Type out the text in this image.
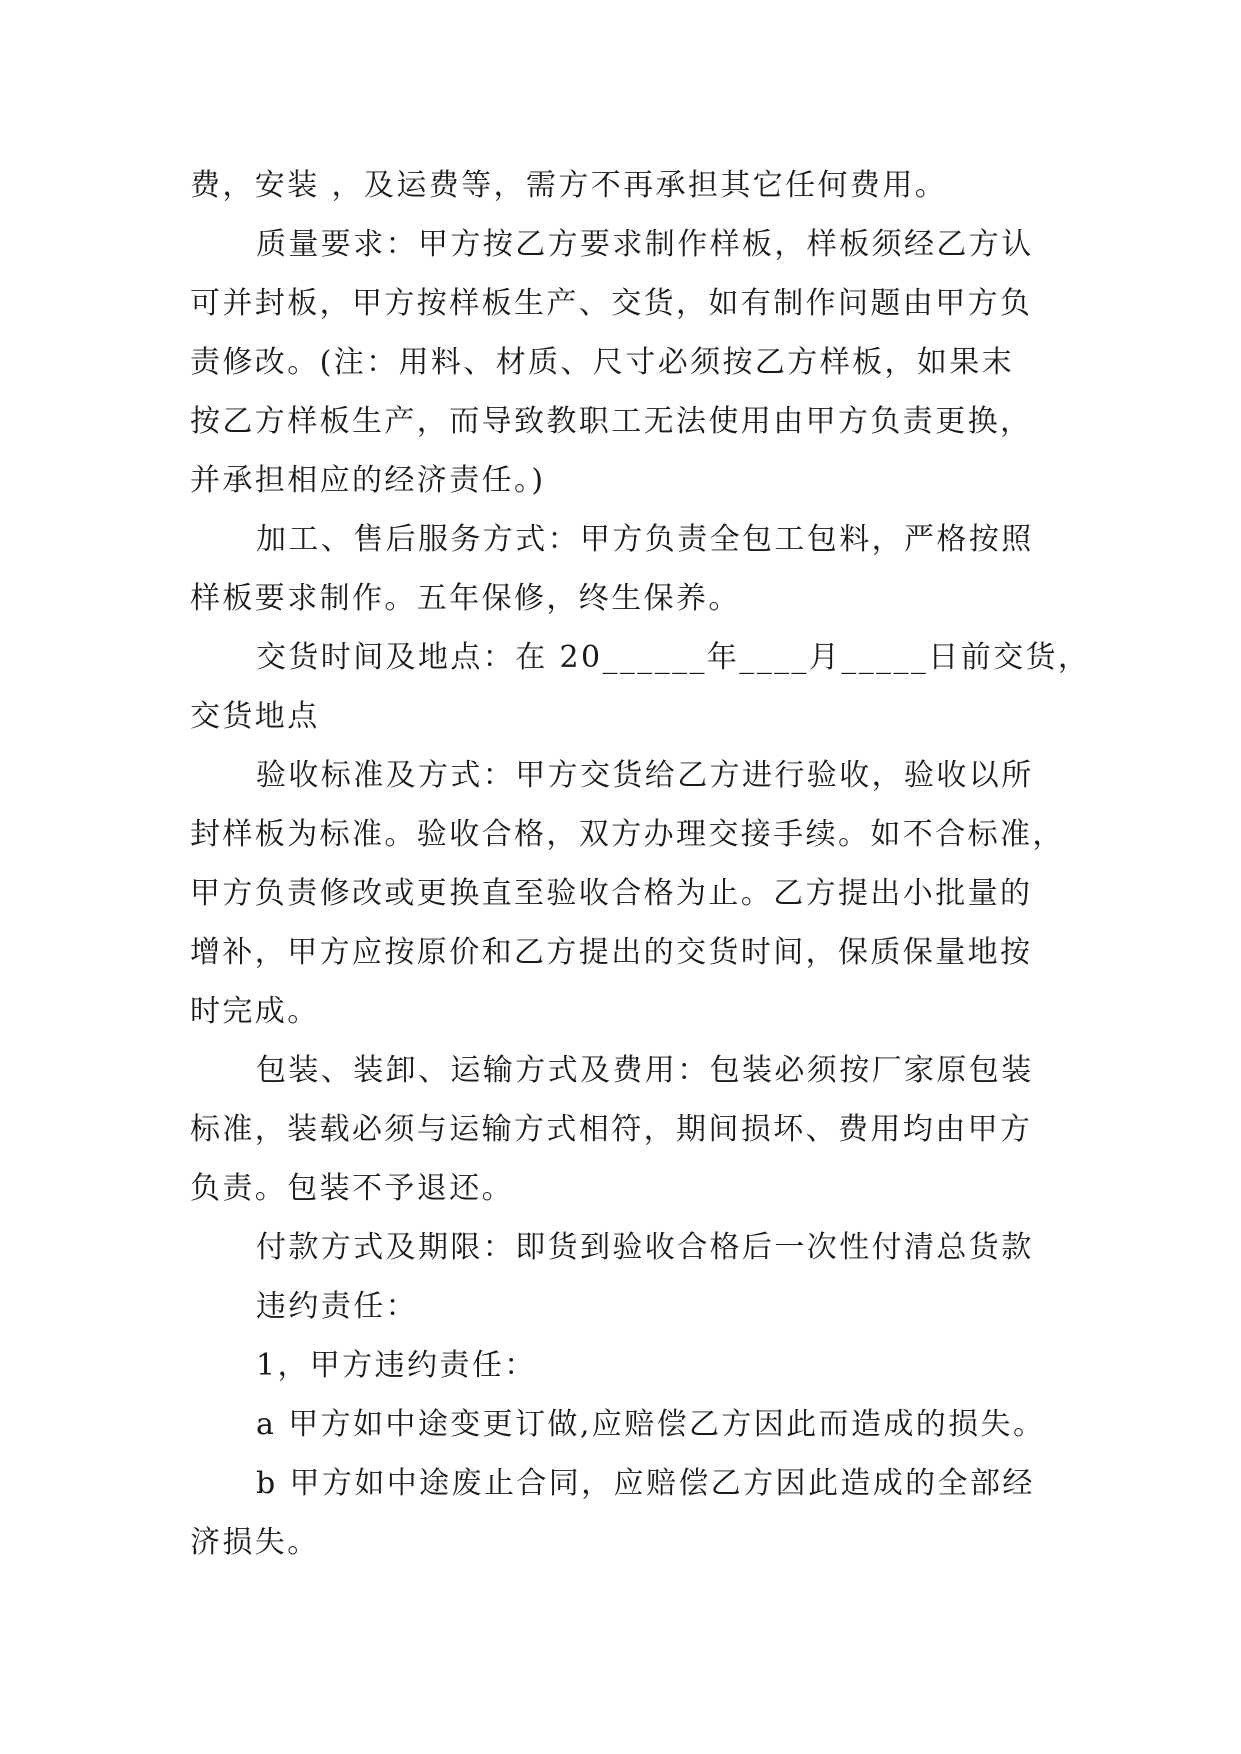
费，安装 ，及运费等，需方不再承担其它任何费用。
质量要求：甲方按乙方要求制作样板，样板须经乙方认
可并封板，甲方按样板生产、交货，如有制作问题由甲方负
责修改。(注：用料、材质、尺寸必须按乙方样板，如果末
按乙方样板生产，而导致教职工无法使用由甲方负责更换，
并承担相应的经济责任。)
加工、售后服务方式：甲方负责全包工包料，严格按照
样板要求制作。五年保修，终生保养。
交货时间及地点：在 20______年____月_____日前交货，
交货地点
验收标准及方式：甲方交货给乙方进行验收，验收以所
封样板为标准。验收合格，双方办理交接手续。如不合标准，
甲方负责修改或更换直至验收合格为止。乙方提出小批量的
增补，甲方应按原价和乙方提出的交货时间，保质保量地按
时完成。
包装、装卸、运输方式及费用：包装必须按厂家原包装
标准，装载必须与运输方式相符，期间损坏、费用均由甲方
负责。包装不予退还。
付款方式及期限：即货到验收合格后一次性付清总货款
违约责任：
1，甲方违约责任：
a 甲方如中途变更订做,应赔偿乙方因此而造成的损失。
b 甲方如中途废止合同，应赔偿乙方因此造成的全部经
济损失。
